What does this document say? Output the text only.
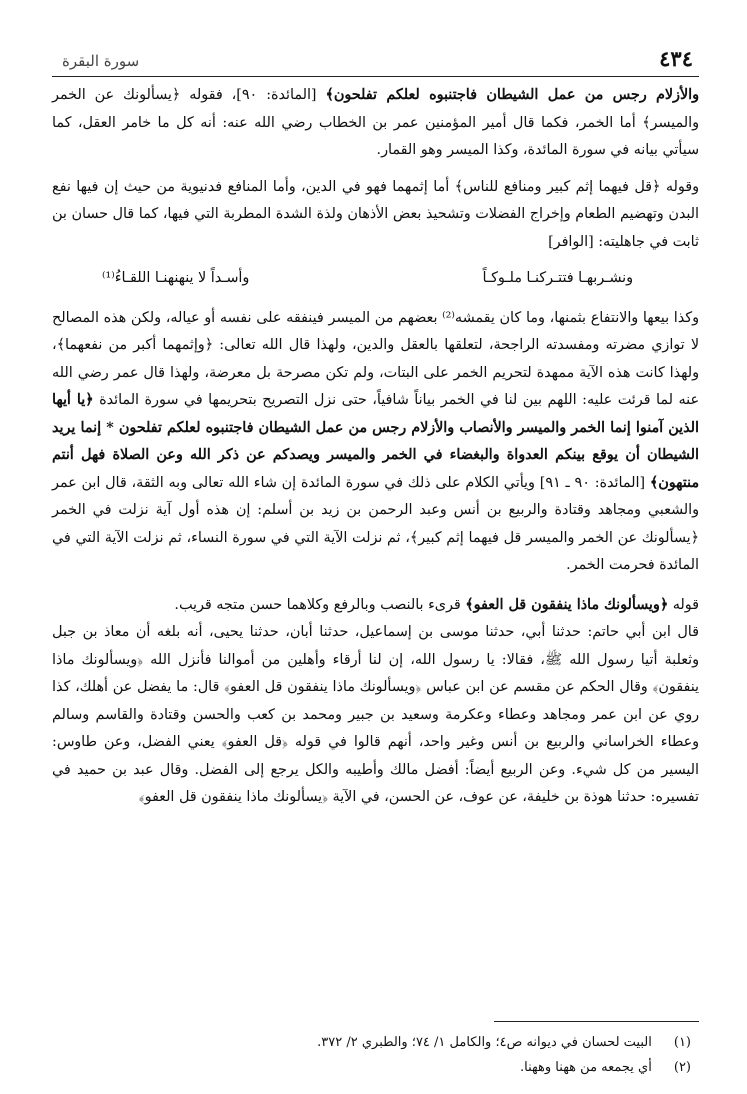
٤٣٤
سورة البقرة

والأزلام رجس من عمل الشيطان فاجتنبوه لعلكم تفلحون﴾ [المائدة: ٩٠]، فقوله ﴿يسألونك عن الخمر والميسر﴾ أما الخمر، فكما قال أمير المؤمنين عمر بن الخطاب رضي الله عنه: أنه كل ما خامر العقل، كما سيأتي بيانه في سورة المائدة، وكذا الميسر وهو القمار.

وقوله ﴿قل فيهما إثم كبير ومنافع للناس﴾ أما إثمهما فهو في الدين، وأما المنافع فدنيوية من حيث إن فيها نفع البدن وتهضيم الطعام وإخراج الفضلات وتشحيذ بعض الأذهان ولذة الشدة المطربة التي فيها، كما قال حسان بن ثابت في جاهليته: [الوافر]

ونشـربهـا فتتـركنـا ملـوكـاً
وأسـداً لا ينهنهنـا اللقـاءُ⁽¹⁾

وكذا بيعها والانتفاع بثمنها، وما كان يقمشه⁽²⁾ بعضهم من الميسر فينفقه على نفسه أو عياله، ولكن هذه المصالح لا توازي مضرته ومفسدته الراجحة، لتعلقها بالعقل والدين، ولهذا قال الله تعالى: ﴿وإثمهما أكبر من نفعهما﴾، ولهذا كانت هذه الآية ممهدة لتحريم الخمر على البتات، ولم تكن مصرحة بل معرضة، ولهذا قال عمر رضي الله عنه لما قرئت عليه: اللهم بين لنا في الخمر بياناً شافياً، حتى نزل التصريح بتحريمها في سورة المائدة ﴿يا أيها الذين آمنوا إنما الخمر والميسر والأنصاب والأزلام رجس من عمل الشيطان فاجتنبوه لعلكم تفلحون * إنما يريد الشيطان أن يوقع بينكم العدواة والبغضاء في الخمر والميسر ويصدكم عن ذكر الله وعن الصلاة فهل أنتم منتهون﴾ [المائدة: ٩٠ ـ ٩١] ويأتي الكلام على ذلك في سورة المائدة إن شاء الله تعالى وبه الثقة، قال ابن عمر والشعبي ومجاهد وقتادة والربيع بن أنس وعبد الرحمن بن زيد بن أسلم: إن هذه أول آية نزلت في الخمر ﴿يسألونك عن الخمر والميسر قل فيهما إثم كبير﴾، ثم نزلت الآية التي في سورة النساء، ثم نزلت الآية التي في المائدة فحرمت الخمر.

قوله ﴿ويسألونك ماذا ينفقون قل العفو﴾ قرىء بالنصب وبالرفع وكلاهما حسن متجه قريب.

قال ابن أبي حاتم: حدثنا أبي، حدثنا موسى بن إسماعيل، حدثنا أبان، حدثنا يحيى، أنه بلغه أن معاذ بن جبل وثعلبة أتيا رسول الله ﷺ، فقالا: يا رسول الله، إن لنا أرقاء وأهلين من أموالنا فأنزل الله ﴿ويسألونك ماذا ينفقون﴾ وقال الحكم عن مقسم عن ابن عباس ﴿ويسألونك ماذا ينفقون قل العفو﴾ قال: ما يفضل عن أهلك، كذا روي عن ابن عمر ومجاهد وعطاء وعكرمة وسعيد بن جبير ومحمد بن كعب والحسن وقتادة والقاسم وسالم وعطاء الخراساني والربيع بن أنس وغير واحد، أنهم قالوا في قوله ﴿قل العفو﴾ يعني الفضل، وعن طاوس: اليسير من كل شيء. وعن الربيع أيضاً: أفضل مالك وأطيبه والكل يرجع إلى الفضل. وقال عبد بن حميد في تفسيره: حدثنا هوذة بن خليفة، عن عوف، عن الحسن، في الآية ﴿يسألونك ماذا ينفقون قل العفو﴾

(١)
البيت لحسان في ديوانه ص٤؛ والكامل ١/ ٧٤؛ والطبري ٢/ ٣٧٢.
(٢)
أي يجمعه من ههنا وههنا.
